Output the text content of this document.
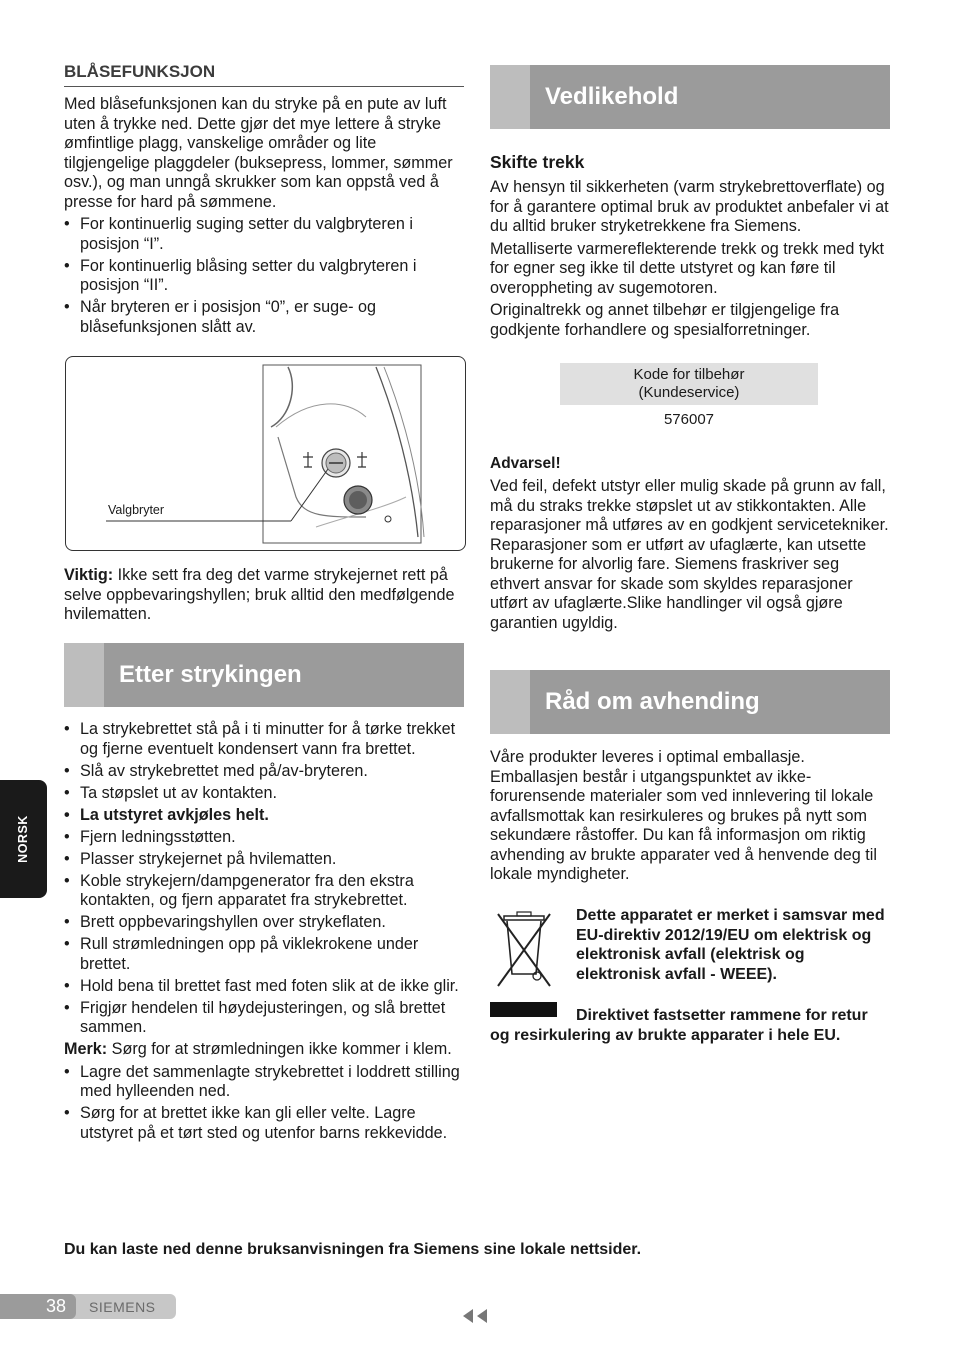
BLÅSEFUNKSJON

Med blåsefunksjonen kan du stryke på en pute av luft uten å trykke ned. Dette gjør det mye lettere å stryke ømfintlige plagg, vanskelige områder og lite tilgjengelige plaggdeler (buksepress, lommer, sømmer osv.), og man unngå skrukker som kan oppstå ved å presse for hard på sømmene.

• For kontinuerlig suging setter du valgbryteren i posisjon “I”.
• For kontinuerlig blåsing setter du valgbryteren i posisjon “II”.
• Når bryteren er i posisjon “0”, er suge- og blåsefunksjonen slått av.
Valgbryter
Viktig: Ikke sett fra deg det varme strykejernet rett på selve oppbevaringshyllen; bruk alltid den medfølgende hvilematten.
Etter strykingen
• La strykebrettet stå på i ti minutter for å tørke trekket og fjerne eventuelt kondensert vann fra brettet.
• Slå av strykebrettet med på/av-bryteren.
• Ta støpslet ut av kontakten.
• La utstyret avkjøles helt.
• Fjern ledningsstøtten.
• Plasser strykejernet på hvilematten.
• Koble strykejern/dampgenerator fra den ekstra kontakten, og fjern apparatet fra strykebrettet.
• Brett oppbevaringshyllen over strykeflaten.
• Rull strømledningen opp på viklekrokene under brettet.
• Hold bena til brettet fast med foten slik at de ikke glir.
• Frigjør hendelen til høydejusteringen, og slå brettet sammen.

Merk: Sørg for at strømledningen ikke kommer i klem.

• Lagre det sammenlagte strykebrettet i loddrett stilling med hylleenden ned.
• Sørg for at brettet ikke kan gli eller velte. Lagre utstyret på et tørt sted og utenfor barns rekkevidde.
Vedlikehold
Skifte trekk

Av hensyn til sikkerheten (varm strykebrettoverflate) og for å garantere optimal bruk av produktet anbefaler vi at du alltid bruker stryketrekkene fra Siemens.

Metalliserte varmereflekterende trekk og trekk med tykt for egner seg ikke til dette utstyret og kan føre til overoppheting av sugemotoren.

Originaltrekk og annet tilbehør er tilgjengelige fra godkjente forhandlere og spesialforretninger.

Kode for tilbehør
(Kundeservice)
576007
Advarsel!

Ved feil, defekt utstyr eller mulig skade på grunn av fall, må du straks trekke støpslet ut av stikkontakten. Alle reparasjoner må utføres av en godkjent servicetekniker. Reparasjoner som er utført av ufaglærte, kan utsette brukerne for alvorlig fare. Siemens fraskriver seg ethvert ansvar for skade som skyldes reparasjoner utført av ufaglærte.Slike handlinger vil også gjøre garantien ugyldig.

Råd om avhending

Våre produkter leveres i optimal emballasje. Emballasjen består i utgangspunktet av ikke-forurensende materialer som ved innlevering til lokale avfallsmottak kan resirkuleres og brukes på nytt som sekundære råstoffer. Du kan få informasjon om riktig avhending av brukte apparater ved å henvende deg til lokale myndigheter.

Dette apparatet er merket i samsvar med EU-direktiv 2012/19/EU om elektrisk og elektronisk avfall (elektrisk og elektronisk avfall - WEEE).
Direktivet fastsetter rammene for retur og resirkulering av brukte apparater i hele EU.
Du kan laste ned denne bruksanvisningen fra Siemens sine lokale nettsider.
NORSK
38 SIEMENS
